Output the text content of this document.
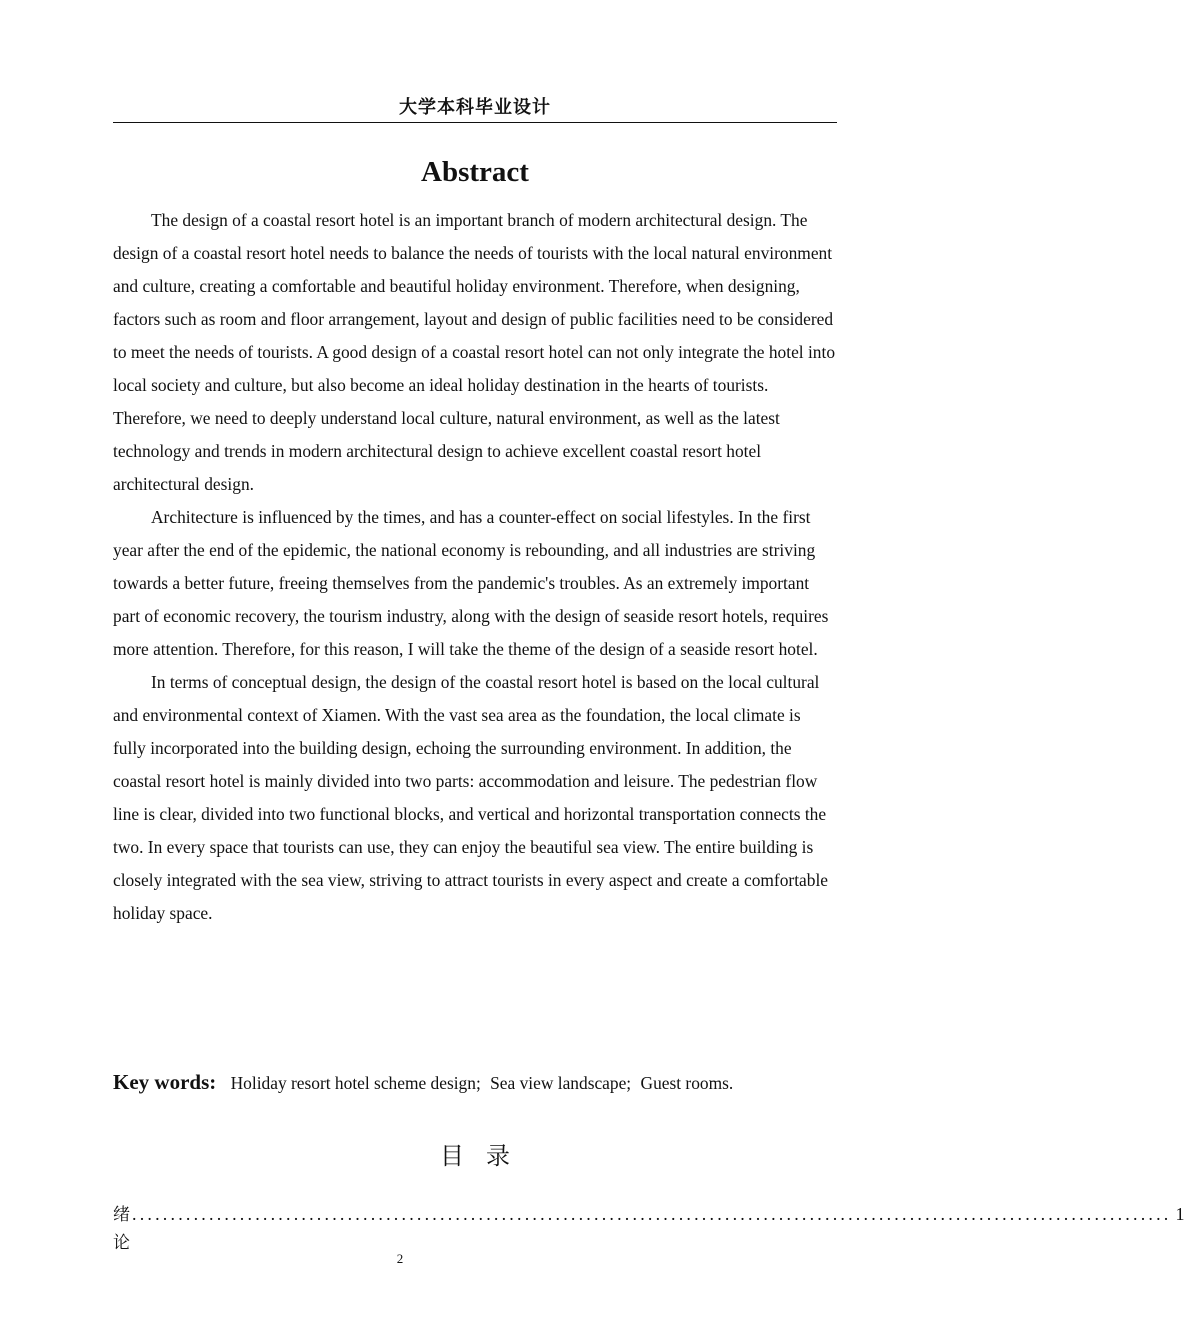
大学本科毕业设计
Abstract

The design of a coastal resort hotel is an important branch of modern architectural design. The design of a coastal resort hotel needs to balance the needs of tourists with the local natural environment and culture, creating a comfortable and beautiful holiday environment. Therefore, when designing, factors such as room and floor arrangement, layout and design of public facilities need to be considered to meet the needs of tourists. A good design of a coastal resort hotel can not only integrate the hotel into local society and culture, but also become an ideal holiday destination in the hearts of tourists. Therefore, we need to deeply understand local culture, natural environment, as well as the latest technology and trends in modern architectural design to achieve excellent coastal resort hotel architectural design.

Architecture is influenced by the times, and has a counter-effect on social lifestyles. In the first year after the end of the epidemic, the national economy is rebounding, and all industries are striving towards a better future, freeing themselves from the pandemic's troubles. As an extremely important part of economic recovery, the tourism industry, along with the design of seaside resort hotels, requires more attention. Therefore, for this reason, I will take the theme of the design of a seaside resort hotel.

In terms of conceptual design, the design of the coastal resort hotel is based on the local cultural and environmental context of Xiamen. With the vast sea area as the foundation, the local climate is fully incorporated into the building design, echoing the surrounding environment. In addition, the coastal resort hotel is mainly divided into two parts: accommodation and leisure. The pedestrian flow line is clear, divided into two functional blocks, and vertical and horizontal transportation connects the two. In every space that tourists can use, they can enjoy the beautiful sea view. The entire building is closely integrated with the sea view, striving to attract tourists in every aspect and create a comfortable holiday space.

Key words: Holiday resort hotel scheme design; Sea view landscape; Guest rooms.
目录
绪论
....................................................................................................................................... 1
2
